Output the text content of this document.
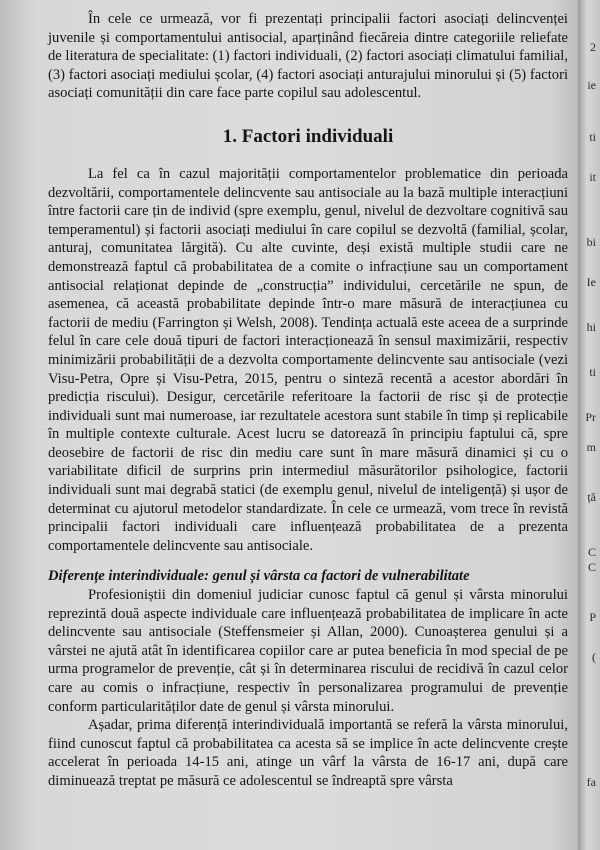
În cele ce urmează, vor fi prezentați principalii factori asociați delincvenței juvenile și comportamentului antisocial, aparținând fiecăreia dintre categoriile reliefate de literatura de specialitate: (1) factori individuali, (2) factori asociați climatului familial, (3) factori asociați mediului școlar, (4) factori asociați anturajului minorului și (5) factori asociați comunității din care face parte copilul sau adolescentul.

1. Factori individuali

La fel ca în cazul majorității comportamentelor problematice din perioada dezvoltării, comportamentele delincvente sau antisociale au la bază multiple interacțiuni între factorii care țin de individ (spre exemplu, genul, nivelul de dezvoltare cognitivă sau temperamentul) și factorii asociați mediului în care copilul se dezvoltă (familial, școlar, anturaj, comunitatea lărgită). Cu alte cuvinte, deși există multiple studii care ne demonstrează faptul că probabilitatea de a comite o infracțiune sau un comportament antisocial relaționat depinde de „construcția” individului, cercetările ne spun, de asemenea, că această probabilitate depinde într-o mare măsură de interacțiunea cu factorii de mediu (Farrington și Welsh, 2008). Tendința actuală este aceea de a surprinde felul în care cele două tipuri de factori interacționează în sensul maximizării, respectiv minimizării probabilității de a dezvolta comportamente delincvente sau antisociale (vezi Visu-Petra, Opre și Visu-Petra, 2015, pentru o sinteză recentă a acestor abordări în predicția riscului). Desigur, cercetările referitoare la factorii de risc și de protecție individuali sunt mai numeroase, iar rezultatele acestora sunt stabile în timp și replicabile în multiple contexte culturale. Acest lucru se datorează în principiu faptului că, spre deosebire de factorii de risc din mediu care sunt în mare măsură dinamici și cu o variabilitate dificil de surprins prin intermediul măsurătorilor psihologice, factorii individuali sunt mai degrabă statici (de exemplu genul, nivelul de inteligență) și ușor de determinat cu ajutorul metodelor standardizate. În cele ce urmează, vom trece în revistă principalii factori individuali care influențează probabilitatea de a prezenta comportamentele delincvente sau antisociale.

Diferențe interindividuale: genul și vârsta ca factori de vulnerabilitate

Profesioniștii din domeniul judiciar cunosc faptul că genul și vârsta minorului reprezintă două aspecte individuale care influențează probabilitatea de implicare în acte delincvente sau antisociale (Steffensmeier și Allan, 2000). Cunoașterea genului și a vârstei ne ajută atât în identificarea copiilor care ar putea beneficia în mod special de pe urma programelor de prevenție, cât și în determinarea riscului de recidivă în cazul celor care au comis o infracțiune, respectiv în personalizarea programului de prevenție conform particularităților date de genul și vârsta minorului.

Așadar, prima diferență interindividuală importantă se referă la vârsta minorului, fiind cunoscut faptul că probabilitatea ca acesta să se implice în acte delincvente crește accelerat în perioada 14-15 ani, atinge un vârf la vârsta de 16-17 ani, după care diminuează treptat pe măsură ce adolescentul se îndreaptă spre vârsta

2
ie
ti
it
bi
Ie
hi
ti
Pr
m
ță
C
C
P
(
fa
